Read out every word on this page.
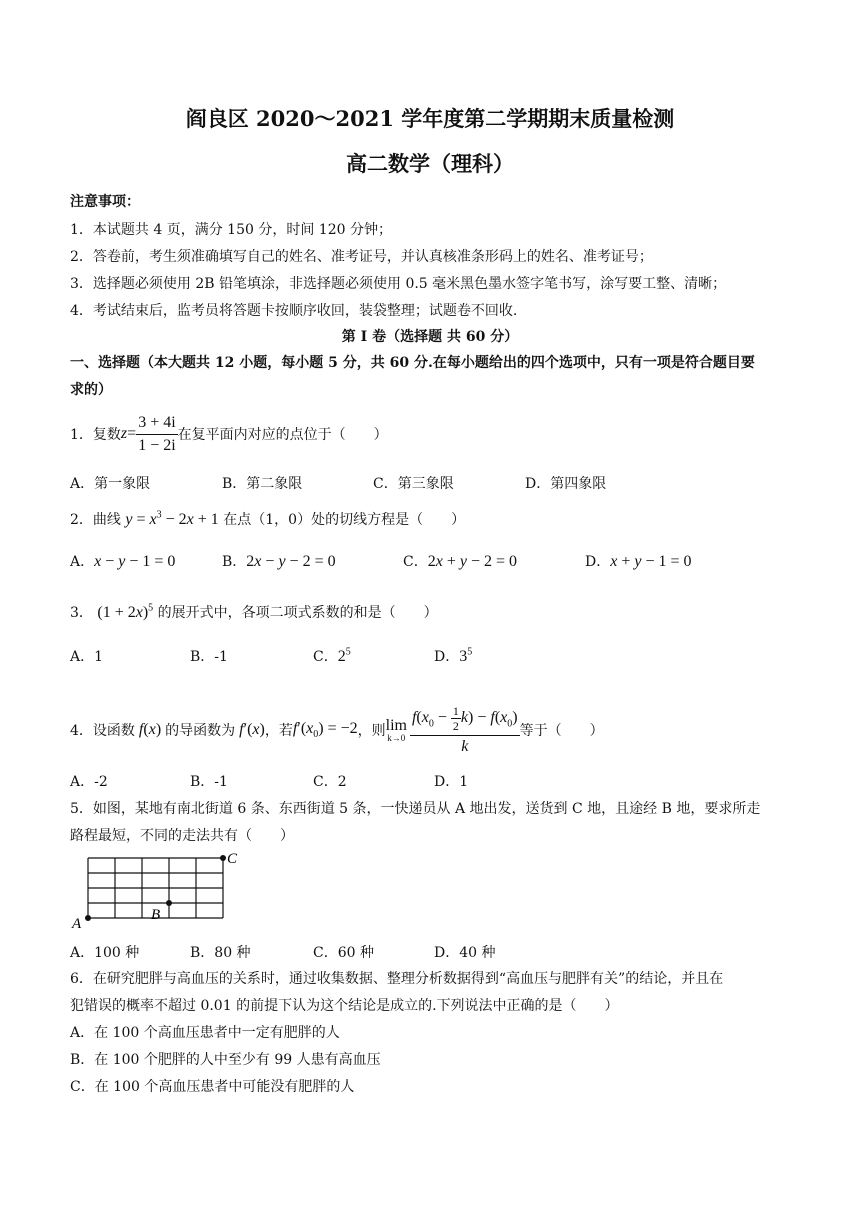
阎良区 2020～2021 学年度第二学期期末质量检测
高二数学（理科）
注意事项：
1．本试题共 4 页，满分 150 分，时间 120 分钟；
2．答卷前，考生须准确填写自己的姓名、准考证号，并认真核准条形码上的姓名、准考证号；
3．选择题必须使用 2B 铅笔填涂，非选择题必须使用 0.5 毫米黑色墨水签字笔书写，涂写要工整、清晰；
4．考试结束后，监考员将答题卡按顺序收回，装袋整理；试题卷不回收.
第 I 卷（选择题 共 60 分）
一、选择题（本大题共 12 小题，每小题 5 分，共 60 分.在每小题给出的四个选项中，只有一项是符合题目要
求的）
1．复数 $z = \frac{3 + 4i}{1 - 2i}$ 在复平面内对应的点位于（　　）
A．第一象限	B．第二象限	C．第三象限	D．第四象限
2．曲线 $y = x^3 - 2x + 1$ 在点（1，0）处的切线方程是（　　）
A．x − y − 1 = 0	B．2x − y − 2 = 0	C．2x + y − 2 = 0	D．x + y − 1 = 0
3． $(1 + 2x)^5$ 的展开式中，各项二项式系数的和是（　　）
A．1	B．-1	C．$2^5$	D．$3^5$
4．设函数 f(x) 的导函数为 f′(x) ，若 $f'(x_0) = -2$ ，则 lim
$k\to 0 \frac{f(x_0 - \frac{1}{2} k) - f(x_0)}{k}$ 等于（　　）
A．-2	B．-1	C．2	D．1
5．如图，某地有南北街道 6 条、东西街道 5 条，一快递员从 A 地出发，送货到 C 地，且途经 B 地，要求所走
路程最短，不同的走法共有（　　）
A
B
C
A．100 种	B．80 种	C．60 种	D．40 种
6．在研究肥胖与高血压的关系时，通过收集数据、整理分析数据得到“高血压与肥胖有关”的结论，并且在
犯错误的概率不超过 0.01 的前提下认为这个结论是成立的.下列说法中正确的是（　　）
A．在 100 个高血压患者中一定有肥胖的人
B．在 100 个肥胖的人中至少有 99 人患有高血压
C．在 100 个高血压患者中可能没有肥胖的人
